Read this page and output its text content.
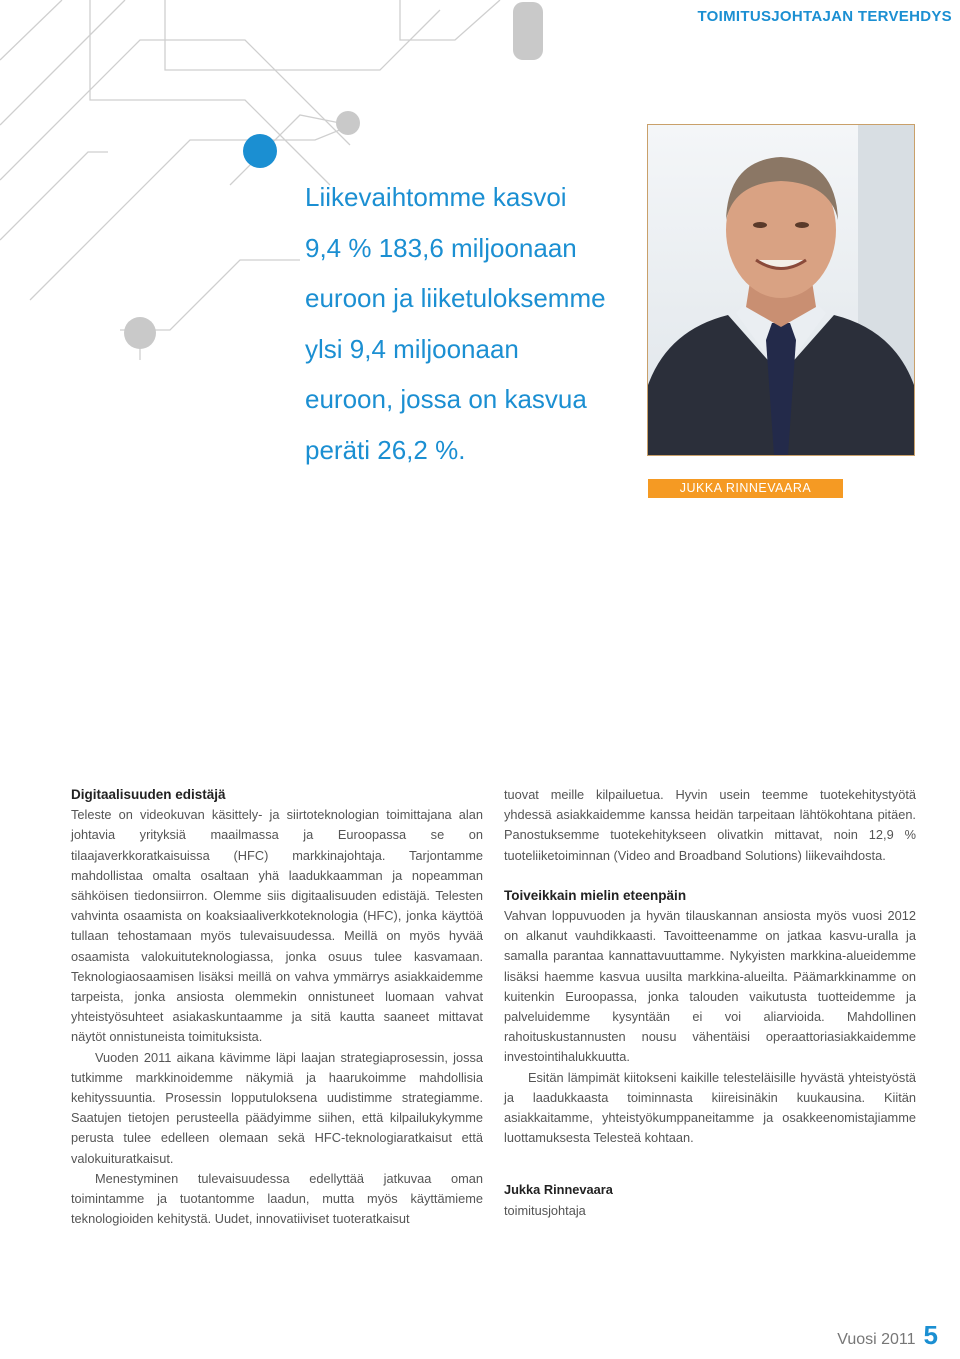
TOIMITUSJOHTAJAN TERVEHDYS
Liikevaihtomme kasvoi
9,4 % 183,6 miljoonaan
euroon ja liiketuloksemme
ylsi 9,4 miljoonaan
euroon, jossa on kasvua
peräti 26,2 %.
JUKKA RINNEVAARA
Digitaalisuuden edistäjä

Teleste on videokuvan käsittely- ja siirtoteknologian toimittajana alan johtavia yrityksiä maailmassa ja Euroopassa se on tilaajaverkkoratkaisuissa (HFC) markkinajohtaja. Tarjontamme mahdollistaa omalta osaltaan yhä laadukkaamman ja nopeamman sähköisen tiedonsiirron. Olemme siis digitaalisuuden edistäjä. Telesten vahvinta osaamista on koaksiaaliverkkoteknologia (HFC), jonka käyttöä tullaan tehostamaan myös tulevaisuudessa. Meillä on myös hyvää osaamista valokuituteknologiassa, jonka osuus tulee kasvamaan. Teknologiaosaamisen lisäksi meillä on vahva ymmärrys asiakkaidemme tarpeista, jonka ansiosta olemmekin onnistuneet luomaan vahvat yhteistyösuhteet asiakaskuntaamme ja sitä kautta saaneet mittavat näytöt onnistuneista toimituksista.

Vuoden 2011 aikana kävimme läpi laajan strategiaprosessin, jossa tutkimme markkinoidemme näkymiä ja haarukoimme mahdollisia kehityssuuntia. Prosessin lopputuloksena uudistimme strategiamme. Saatujen tietojen perusteella päädyimme siihen, että kilpailukykymme perusta tulee edelleen olemaan sekä HFC-teknologiaratkaisut että valokuituratkaisut.

Menestyminen tulevaisuudessa edellyttää jatkuvaa oman toimintamme ja tuotantomme laadun, mutta myös käyttämieme teknologioiden kehitystä. Uudet, innovatiiviset tuoteratkaisut

tuovat meille kilpailuetua. Hyvin usein teemme tuotekehitystyötä yhdessä asiakkaidemme kanssa heidän tarpeitaan lähtökohtana pitäen. Panostuksemme tuotekehitykseen olivatkin mittavat, noin 12,9 % tuoteliiketoiminnan (Video and Broadband Solutions) liikevaihdosta.

Toiveikkain mielin eteenpäin

Vahvan loppuvuoden ja hyvän tilauskannan ansiosta myös vuosi 2012 on alkanut vauhdikkaasti. Tavoitteenamme on jatkaa kasvu-uralla ja samalla parantaa kannattavuuttamme. Nykyisten markkina-alueidemme lisäksi haemme kasvua uusilta markkina-alueilta. Päämarkkinamme on kuitenkin Euroopassa, jonka talouden vaikutusta tuotteidemme ja palveluidemme kysyntään ei voi aliarvioida. Mahdollinen rahoituskustannusten nousu vähentäisi operaattoriasiakkaidemme investointihalukkuutta.

Esitän lämpimät kiitokseni kaikille telesteläisille hyvästä yhteistyöstä ja laadukkaasta toiminnasta kiireisinäkin kuukausina. Kiitän asiakkaitamme, yhteistyökumppaneitamme ja osakkeenomistajiamme luottamuksesta Telesteä kohtaan.

Jukka Rinnevaara

toimitusjohtaja

Vuosi 2011 5
